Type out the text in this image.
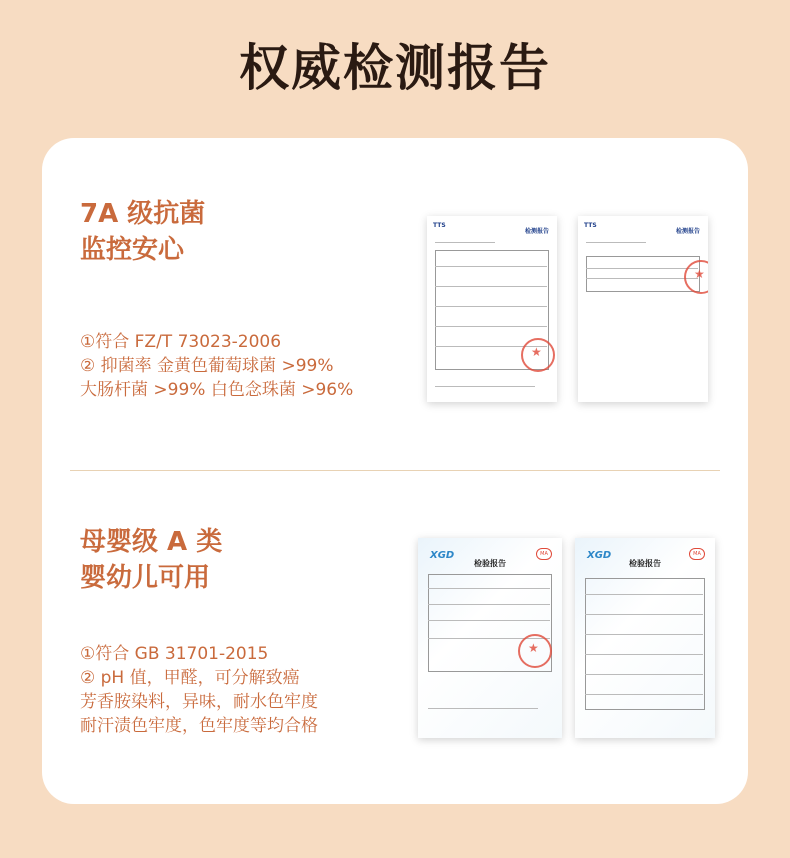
权威检测报告
7A 级抗菌
监控安心
①符合 FZ/T 73023-2006
② 抑菌率 金黄色葡萄球菌 >99%
大肠杆菌 >99% 白色念珠菌 >96%
TTS
检测报告
★
TTS
检测报告
★
母婴级 A 类
婴幼儿可用
①符合 GB 31701-2015
② pH 值，甲醛，可分解致癌
芳香胺染料，异味，耐水色牢度
耐汗渍色牢度，色牢度等均合格
XGD	MA
检验报告
★
XGD	MA
检验报告
